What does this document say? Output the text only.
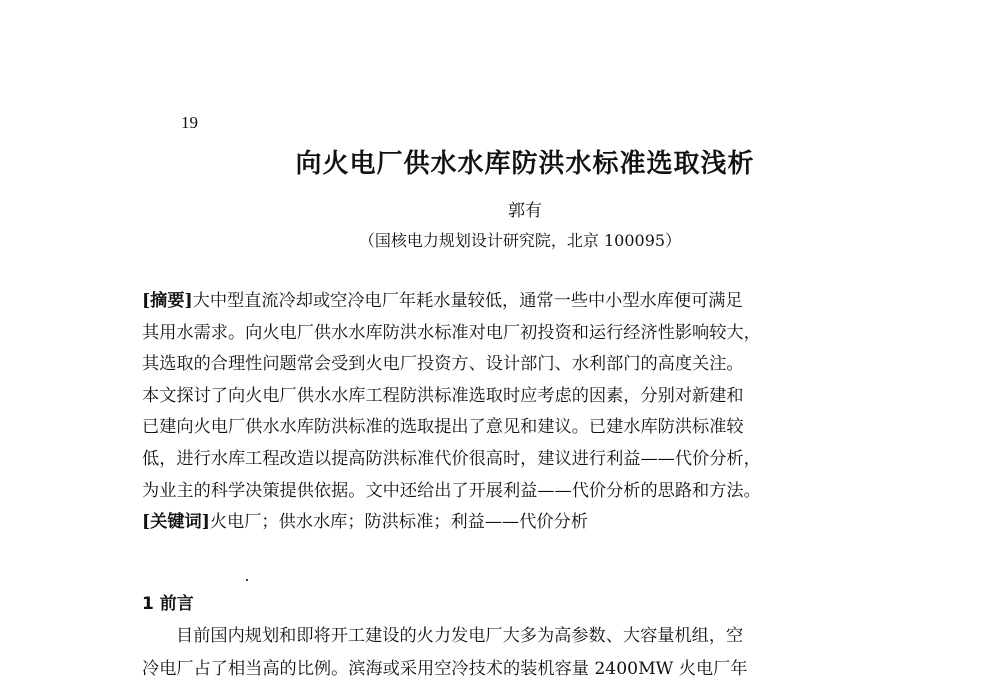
19
向火电厂供水水库防洪水标准选取浅析
郭有
（国核电力规划设计研究院，北京 100095）
[摘要]大中型直流冷却或空冷电厂年耗水量较低，通常一些中小型水库便可满足
其用水需求。向火电厂供水水库防洪水标准对电厂初投资和运行经济性影响较大，
其选取的合理性问题常会受到火电厂投资方、设计部门、水利部门的高度关注。
本文探讨了向火电厂供水水库工程防洪标准选取时应考虑的因素，分别对新建和
已建向火电厂供水水库防洪标准的选取提出了意见和建议。已建水库防洪标准较
低，进行水库工程改造以提高防洪标准代价很高时，建议进行利益——代价分析，
为业主的科学决策提供依据。文中还给出了开展利益——代价分析的思路和方法。
[关键词]火电厂；供水水库；防洪标准；利益——代价分析
1 前言
目前国内规划和即将开工建设的火力发电厂大多为高参数、大容量机组，空
冷电厂占了相当高的比例。滨海或采用空冷技术的装机容量 2400MW 火电厂年
